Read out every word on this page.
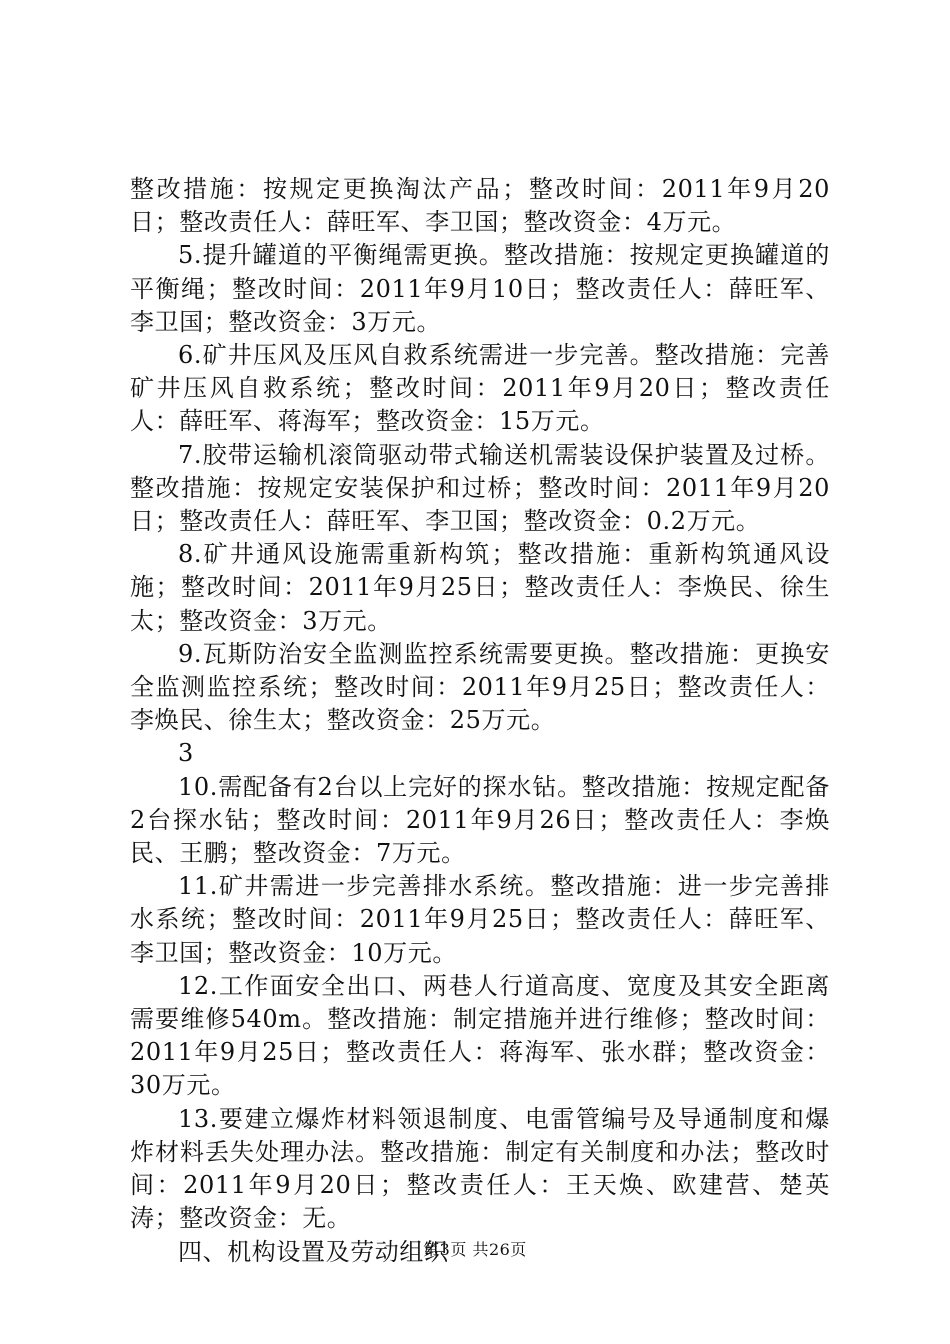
整改措施：按规定更换淘汰产品；整改时间：2011年9月20日；整改责任人：薛旺军、李卫国；整改资金：4万元。

5.提升罐道的平衡绳需更换。整改措施：按规定更换罐道的平衡绳；整改时间：2011年9月10日；整改责任人：薛旺军、李卫国；整改资金：3万元。

6.矿井压风及压风自救系统需进一步完善。整改措施：完善矿井压风自救系统；整改时间：2011年9月20日；整改责任人：薛旺军、蒋海军；整改资金：15万元。

7.胶带运输机滚筒驱动带式输送机需装设保护装置及过桥。整改措施：按规定安装保护和过桥；整改时间：2011年9月20日；整改责任人：薛旺军、李卫国；整改资金：0.2万元。

8.矿井通风设施需重新构筑；整改措施：重新构筑通风设施；整改时间：2011年9月25日；整改责任人：李焕民、徐生太；整改资金：3万元。

9.瓦斯防治安全监测监控系统需要更换。整改措施：更换安全监测监控系统；整改时间：2011年9月25日；整改责任人：李焕民、徐生太；整改资金：25万元。

3

10.需配备有2台以上完好的探水钻。整改措施：按规定配备2台探水钻；整改时间：2011年9月26日；整改责任人：李焕民、王鹏；整改资金：7万元。

11.矿井需进一步完善排水系统。整改措施：进一步完善排水系统；整改时间：2011年9月25日；整改责任人：薛旺军、李卫国；整改资金：10万元。

12.工作面安全出口、两巷人行道高度、宽度及其安全距离需要维修540m。整改措施：制定措施并进行维修；整改时间：2011年9月25日；整改责任人：蒋海军、张水群；整改资金：30万元。

13.要建立爆炸材料领退制度、电雷管编号及导通制度和爆炸材料丢失处理办法。整改措施：制定有关制度和办法；整改时间：2011年9月20日；整改责任人：王天焕、欧建营、楚英涛；整改资金：无。

四、机构设置及劳动组织

第3页 共26页
